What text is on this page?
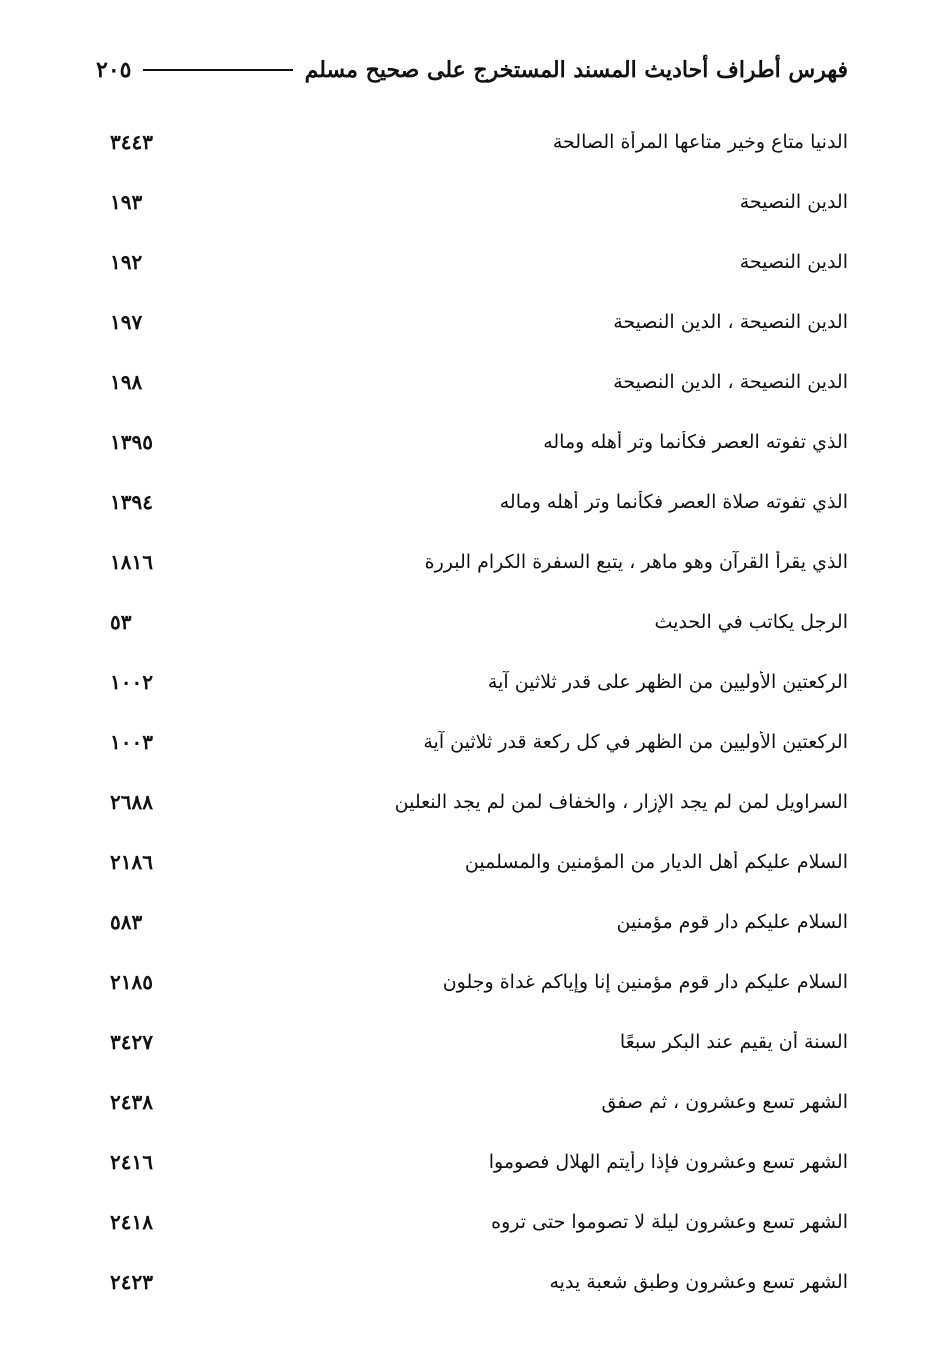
٢٠٥	فهرس أطراف أحاديث المسند المستخرج على صحيح مسلم
٣٤٤٣	الدنيا متاع وخير متاعها المرأة الصالحة
١٩٣	الدين النصيحة
١٩٢	الدين النصيحة
١٩٧	الدين النصيحة ، الدين النصيحة
١٩٨	الدين النصيحة ، الدين النصيحة
١٣٩٥	الذي تفوته العصر فكأنما وتر أهله وماله
١٣٩٤	الذي تفوته صلاة العصر فكأنما وتر أهله وماله
١٨١٦	الذي يقرأ القرآن وهو ماهر ، يتبع السفرة الكرام البررة
٥٣	الرجل يكاتب في الحديث
١٠٠٢	الركعتين الأوليين من الظهر على قدر ثلاثين آية
١٠٠٣	الركعتين الأوليين من الظهر في كل ركعة قدر ثلاثين آية
٢٦٨٨	السراويل لمن لم يجد الإزار ، والخفاف لمن لم يجد النعلين
٢١٨٦	السلام عليكم أهل الديار من المؤمنين والمسلمين
٥٨٣	السلام عليكم دار قوم مؤمنين
٢١٨٥	السلام عليكم دار قوم مؤمنين إنا وإياكم غداة وجلون
٣٤٢٧	السنة أن يقيم عند البكر سبعًا
٢٤٣٨	الشهر تسع وعشرون ، ثم صفق
٢٤١٦	الشهر تسع وعشرون فإذا رأيتم الهلال فصوموا
٢٤١٨	الشهر تسع وعشرون ليلة لا تصوموا حتى تروه
٢٤٢٣	الشهر تسع وعشرون وطبق شعبة يديه
